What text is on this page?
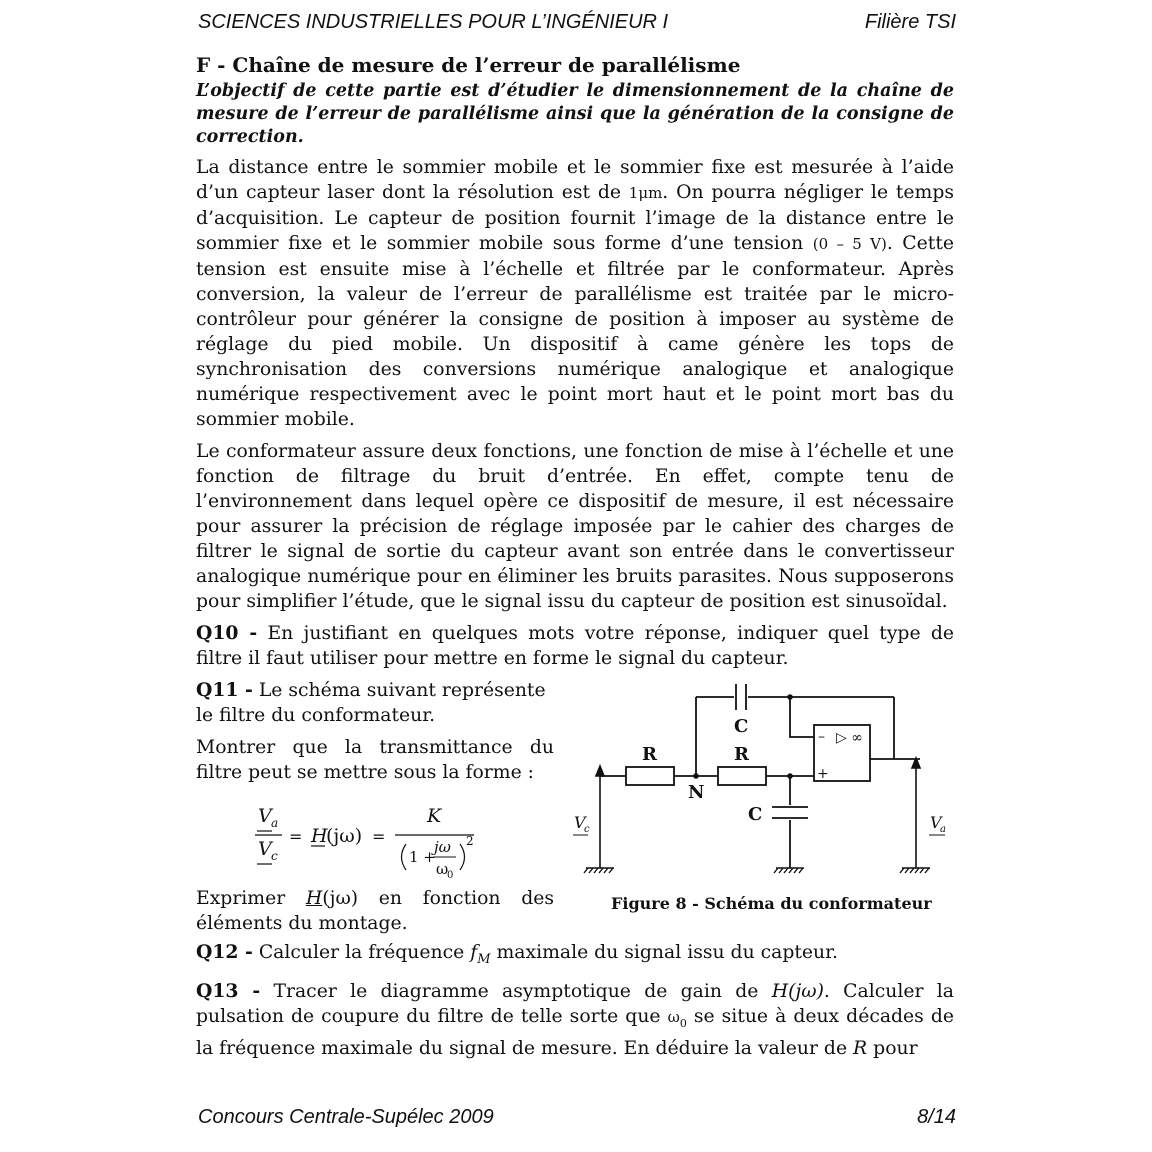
SCIENCES INDUSTRIELLES POUR L’INGÉNIEUR I	Filière TSI

F - Chaîne de mesure de l’erreur de parallélisme

L’objectif de cette partie est d’étudier le dimensionnement de la chaîne de mesure de l’erreur de parallélisme ainsi que la génération de la consigne de correction.

La distance entre le sommier mobile et le sommier fixe est mesurée à l’aide d’un capteur laser dont la résolution est de 1μm. On pourra négliger le temps d’acquisition. Le capteur de position fournit l’image de la distance entre le sommier fixe et le sommier mobile sous forme d’une tension (0 – 5 V). Cette tension est ensuite mise à l’échelle et filtrée par le conformateur. Après conversion, la valeur de l’erreur de parallélisme est traitée par le micro-contrôleur pour générer la consigne de position à imposer au système de réglage du pied mobile. Un dispositif à came génère les tops de synchronisation des conversions numérique analogique et analogique numérique respectivement avec le point mort haut et le point mort bas du sommier mobile.

Le conformateur assure deux fonctions, une fonction de mise à l’échelle et une fonction de filtrage du bruit d’entrée. En effet, compte tenu de l’environnement dans lequel opère ce dispositif de mesure, il est nécessaire pour assurer la précision de réglage imposée par le cahier des charges de filtrer le signal de sortie du capteur avant son entrée dans le convertisseur analogique numérique pour en éliminer les bruits parasites. Nous supposerons pour simplifier l’étude, que le signal issu du capteur de position est sinusoïdal.

Q10 - En justifiant en quelques mots votre réponse, indiquer quel type de filtre il faut utiliser pour mettre en forme le signal du capteur.

Q11 - Le schéma suivant représente le filtre du conformateur.

Montrer que la transmittance du filtre peut se mettre sous la forme :

V a
V c
= H
(jω) =
K
1 +
jω
ω
0
2

Exprimer H(jω) en fonction des éléments du montage.

C
R	R
N
C
V
c	V
a
–
+
▷ ∞
Figure 8 - Schéma du conformateur

Q12 - Calculer la fréquence $f_M$ maximale du signal issu du capteur.

Q13 - Tracer le diagramme asymptotique de gain de H(jω). Calculer la pulsation de coupure du filtre de telle sorte que $\omega_0$ se situe à deux décades de la fréquence maximale du signal de mesure. En déduire la valeur de R pour

Concours Centrale-Supélec 2009	8/14
